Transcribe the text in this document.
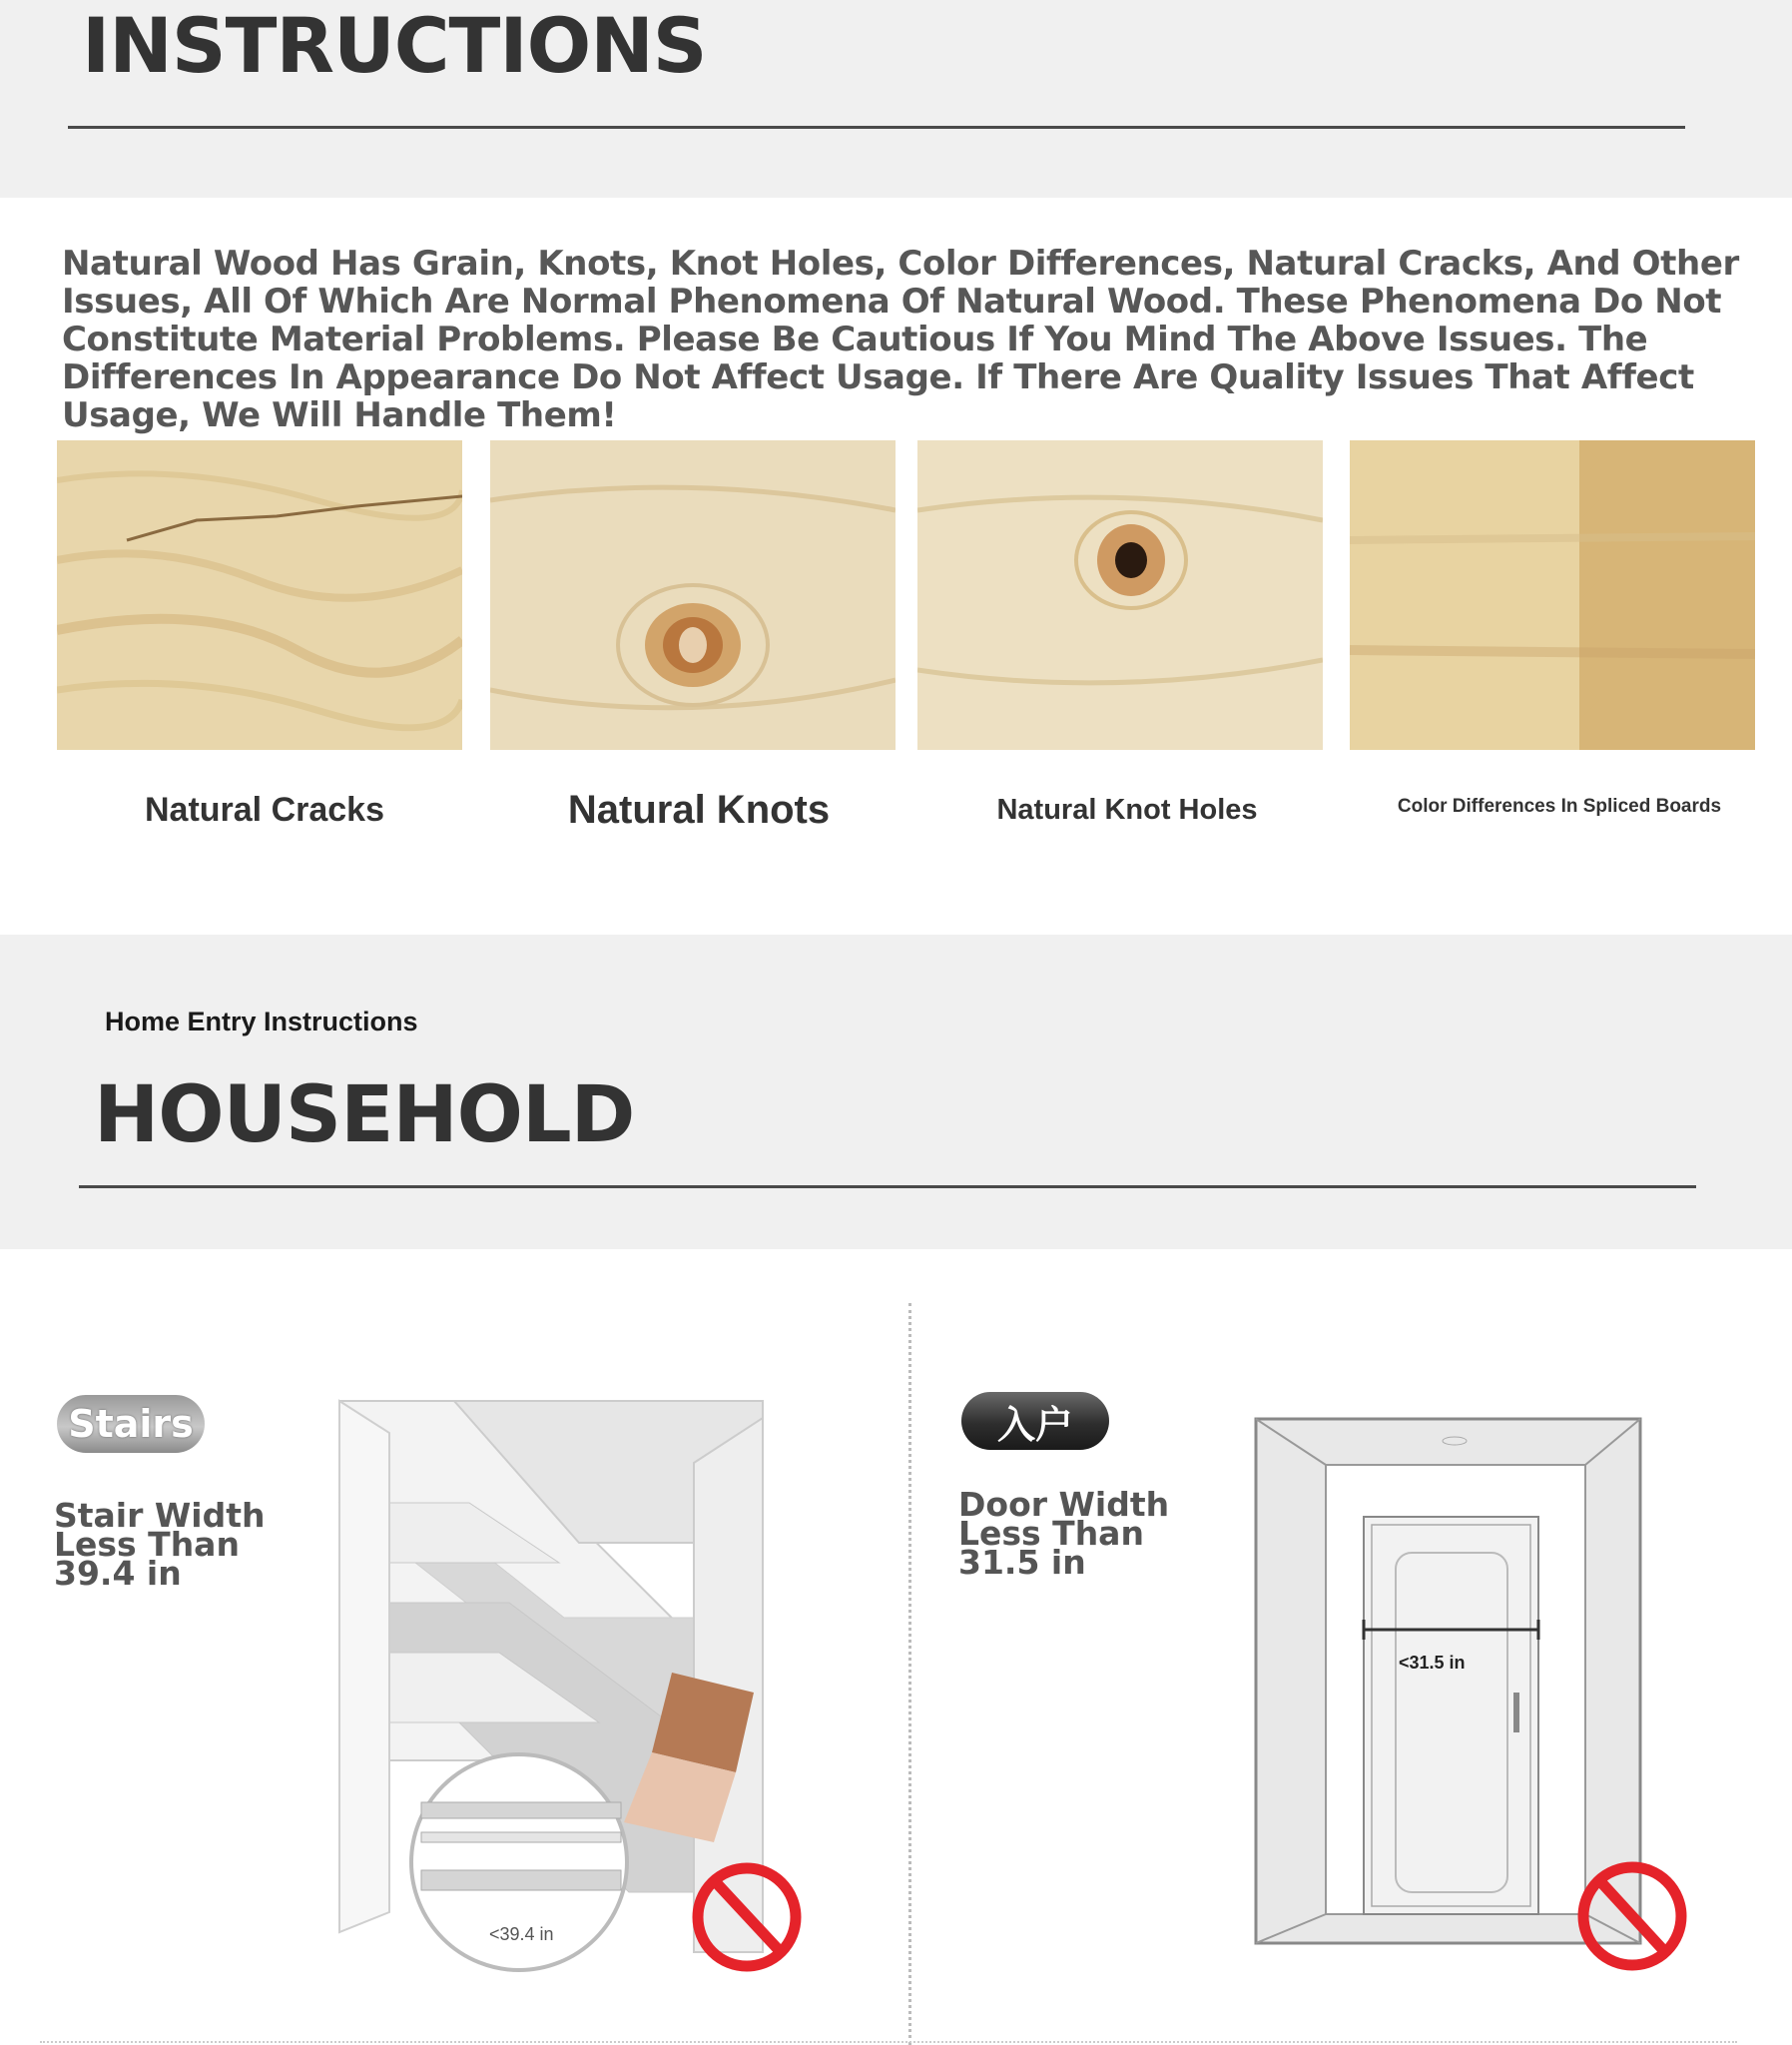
INSTRUCTIONS

Natural Wood Has Grain, Knots, Knot Holes, Color Differences, Natural Cracks, And Other Issues, All Of Which Are Normal Phenomena Of Natural Wood. These Phenomena Do Not Constitute Material Problems. Please Be Cautious If You Mind The Above Issues. The Differences In Appearance Do Not Affect Usage. If There Are Quality Issues That Affect Usage, We Will Handle Them!

Natural Cracks	Natural Knots	Natural Knot Holes	Color Differences In Spliced Boards

Home Entry Instructions

HOUSEHOLD
Stairs
Stair Width
Less Than
39.4 in
<39.4 in
入户
Door Width
Less Than
31.5 in
<31.5 in
